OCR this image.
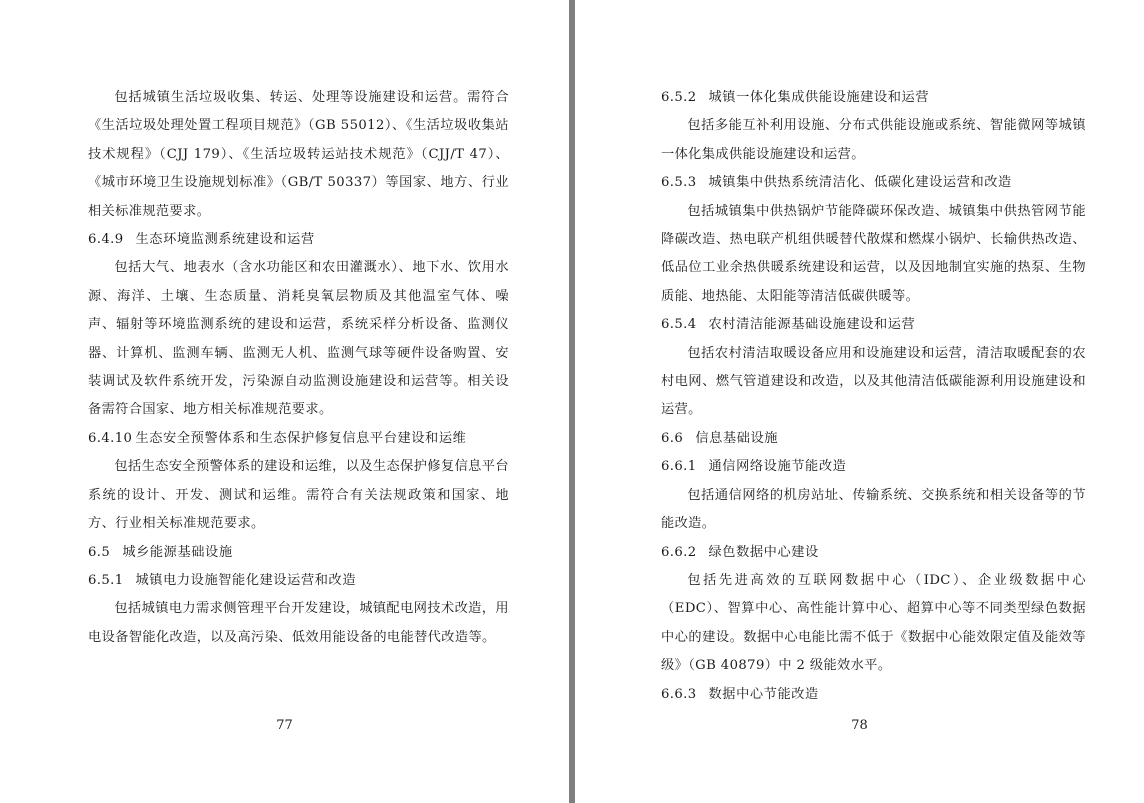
包括城镇生活垃圾收集、转运、处理等设施建设和运营。需符合《生活垃圾处理处置工程项目规范》（GB 55012）、《生活垃圾收集站技术规程》（CJJ 179）、《生活垃圾转运站技术规范》（CJJ/T 47）、《城市环境卫生设施规划标准》（GB/T 50337）等国家、地方、行业相关标准规范要求。

6.4.9 生态环境监测系统建设和运营

包括大气、地表水（含水功能区和农田灌溉水）、地下水、饮用水源、海洋、土壤、生态质量、消耗臭氧层物质及其他温室气体、噪声、辐射等环境监测系统的建设和运营，系统采样分析设备、监测仪器、计算机、监测车辆、监测无人机、监测气球等硬件设备购置、安装调试及软件系统开发，污染源自动监测设施建设和运营等。相关设备需符合国家、地方相关标准规范要求。

6.4.10 生态安全预警体系和生态保护修复信息平台建设和运维

包括生态安全预警体系的建设和运维，以及生态保护修复信息平台系统的设计、开发、测试和运维。需符合有关法规政策和国家、地方、行业相关标准规范要求。

6.5 城乡能源基础设施

6.5.1 城镇电力设施智能化建设运营和改造

包括城镇电力需求侧管理平台开发建设，城镇配电网技术改造，用电设备智能化改造，以及高污染、低效用能设备的电能替代改造等。

77

6.5.2 城镇一体化集成供能设施建设和运营

包括多能互补利用设施、分布式供能设施或系统、智能微网等城镇一体化集成供能设施建设和运营。

6.5.3 城镇集中供热系统清洁化、低碳化建设运营和改造

包括城镇集中供热锅炉节能降碳环保改造、城镇集中供热管网节能降碳改造、热电联产机组供暖替代散煤和燃煤小锅炉、长输供热改造、低品位工业余热供暖系统建设和运营，以及因地制宜实施的热泵、生物质能、地热能、太阳能等清洁低碳供暖等。

6.5.4 农村清洁能源基础设施建设和运营

包括农村清洁取暖设备应用和设施建设和运营，清洁取暖配套的农村电网、燃气管道建设和改造，以及其他清洁低碳能源利用设施建设和运营。

6.6 信息基础设施

6.6.1 通信网络设施节能改造

包括通信网络的机房站址、传输系统、交换系统和相关设备等的节能改造。

6.6.2 绿色数据中心建设

包括先进高效的互联网数据中心（IDC）、企业级数据中心（EDC）、智算中心、高性能计算中心、超算中心等不同类型绿色数据中心的建设。数据中心电能比需不低于《数据中心能效限定值及能效等级》（GB 40879）中 2 级能效水平。

6.6.3 数据中心节能改造

78
